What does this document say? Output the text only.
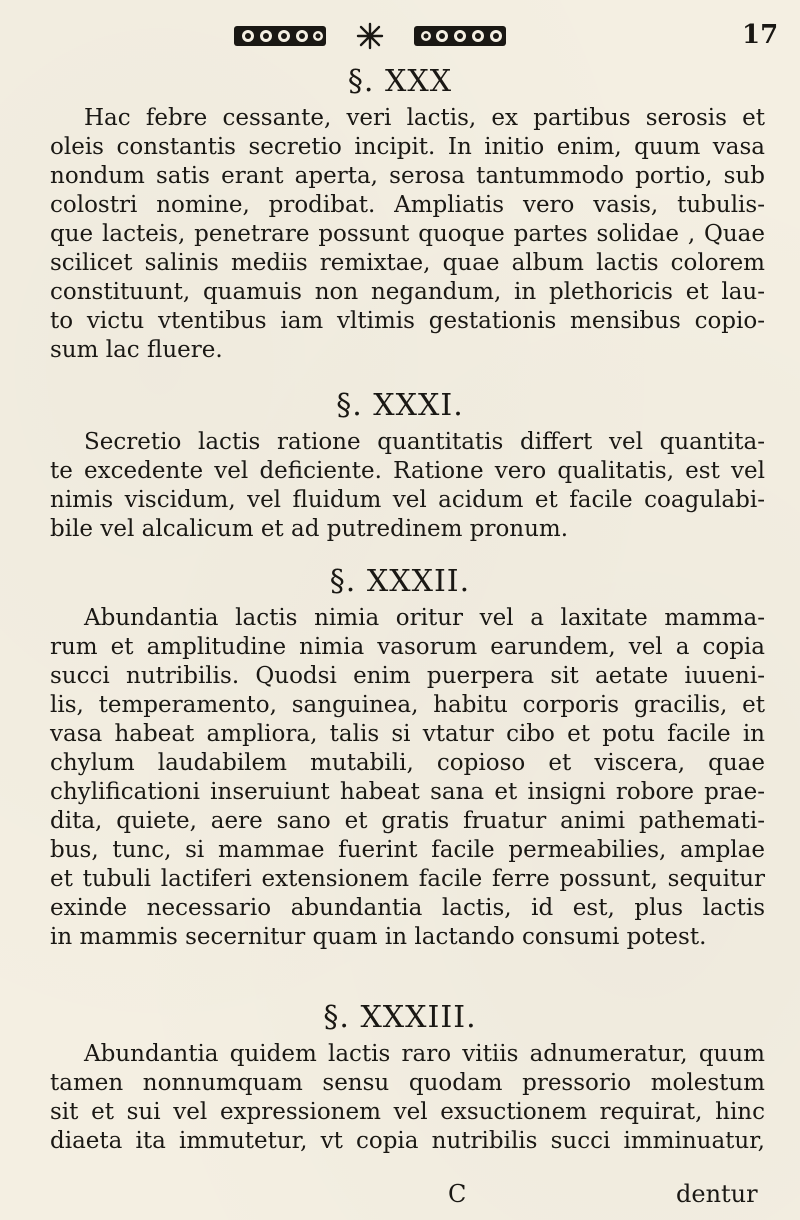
17
§. XXX
Hac febre cessante, veri lactis, ex partibus serosis et
oleis constantis secretio incipit. In initio enim, quum vasa
nondum satis erant aperta, serosa tantummodo portio, sub
colostri nomine, prodibat. Ampliatis vero vasis, tubulis-
que lacteis, penetrare possunt quoque partes solidae , Quae
scilicet salinis mediis remixtae, quae album lactis colorem
constituunt, quamuis non negandum, in plethoricis et lau-
to victu vtentibus iam vltimis gestationis mensibus copio-
sum lac fluere.
§. XXXI.
Secretio lactis ratione quantitatis differt vel quantita-
te excedente vel deficiente. Ratione vero qualitatis, est vel
nimis viscidum, vel fluidum vel acidum et facile coagulabi-
bile vel alcalicum et ad putredinem pronum.
§. XXXII.
Abundantia lactis nimia oritur vel a laxitate mamma-
rum et amplitudine nimia vasorum earundem, vel a copia
succi nutribilis. Quodsi enim puerpera sit aetate iuueni-
lis, temperamento, sanguinea, habitu corporis gracilis, et
vasa habeat ampliora, talis si vtatur cibo et potu facile in
chylum laudabilem mutabili, copioso et viscera, quae
chylificationi inseruiunt habeat sana et insigni robore prae-
dita, quiete, aere sano et gratis fruatur animi pathemati-
bus, tunc, si mammae fuerint facile permeabilies, amplae
et tubuli lactiferi extensionem facile ferre possunt, sequitur
exinde necessario abundantia lactis, id est, plus lactis
in mammis secernitur quam in lactando consumi potest.
§. XXXIII.
Abundantia quidem lactis raro vitiis adnumeratur, quum
tamen nonnumquam sensu quodam pressorio molestum
sit et sui vel expressionem vel exsuctionem requirat, hinc
diaeta ita immutetur, vt copia nutribilis succi imminuatur,
C	dentur
